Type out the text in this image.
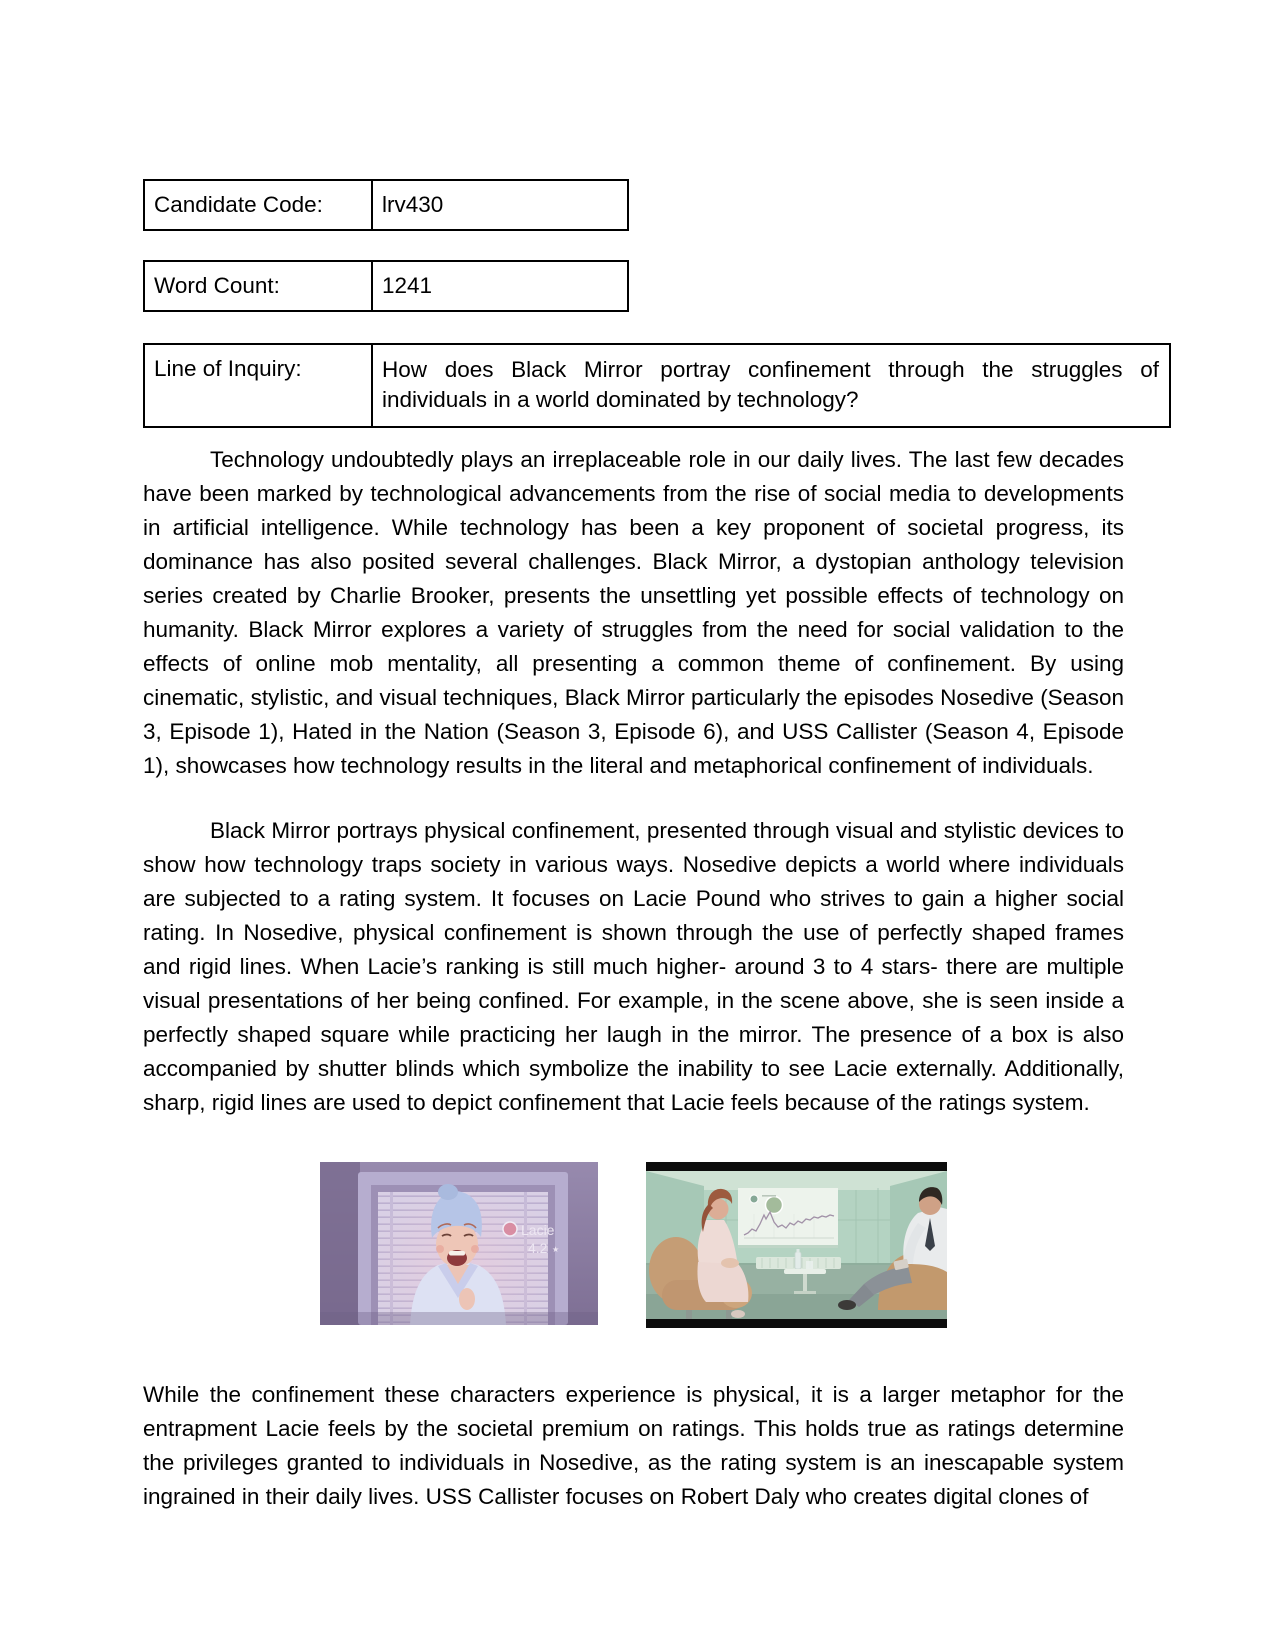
Candidate Code:	lrv430
Word Count:	1241
Line of Inquiry:	How does Black Mirror portray confinement through the struggles of individuals in a world dominated by technology?

Technology undoubtedly plays an irreplaceable role in our daily lives. The last few decades have been marked by technological advancements from the rise of social media to developments in artificial intelligence. While technology has been a key proponent of societal progress, its dominance has also posited several challenges. Black Mirror, a dystopian anthology television series created by Charlie Brooker, presents the unsettling yet possible effects of technology on humanity. Black Mirror explores a variety of struggles from the need for social validation to the effects of online mob mentality, all presenting a common theme of confinement. By using cinematic, stylistic, and visual techniques, Black Mirror particularly the episodes Nosedive (Season 3, Episode 1), Hated in the Nation (Season 3, Episode 6), and USS Callister (Season 4, Episode 1), showcases how technology results in the literal and metaphorical confinement of individuals.

Black Mirror portrays physical confinement, presented through visual and stylistic devices to show how technology traps society in various ways. Nosedive depicts a world where individuals are subjected to a rating system. It focuses on Lacie Pound who strives to gain a higher social rating. In Nosedive, physical confinement is shown through the use of perfectly shaped frames and rigid lines. When Lacie’s ranking is still much higher- around 3 to 4 stars- there are multiple visual presentations of her being confined. For example, in the scene above, she is seen inside a perfectly shaped square while practicing her laugh in the mirror. The presence of a box is also accompanied by shutter blinds which symbolize the inability to see Lacie externally. Additionally, sharp, rigid lines are used to depict confinement that Lacie feels because of the ratings system.

Lacie
4.2 ★

While the confinement these characters experience is physical, it is a larger metaphor for the entrapment Lacie feels by the societal premium on ratings. This holds true as ratings determine the privileges granted to individuals in Nosedive, as the rating system is an inescapable system ingrained in their daily lives. USS Callister focuses on Robert Daly who creates digital clones of
